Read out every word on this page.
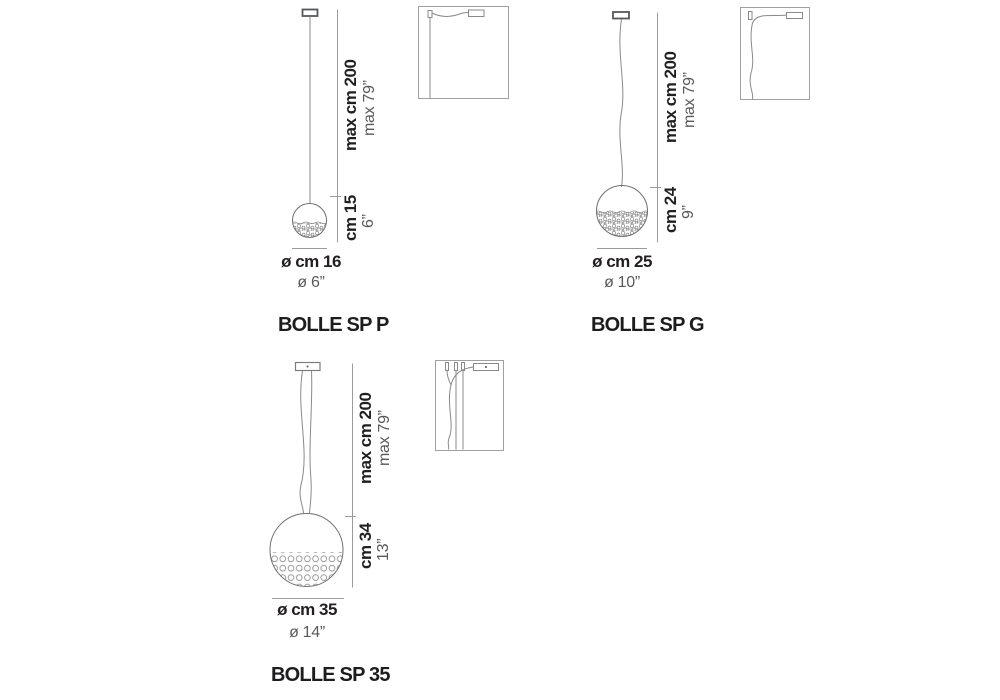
max cm 200 max 79”
cm 15 6”
ø cm 16
ø 6”
BOLLE SP P
max cm 200 max 79”
cm 24 9”
ø cm 25
ø 10”
BOLLE SP G
max cm 200 max 79”
cm 34 13”
ø cm 35
ø 14”
BOLLE SP 35
